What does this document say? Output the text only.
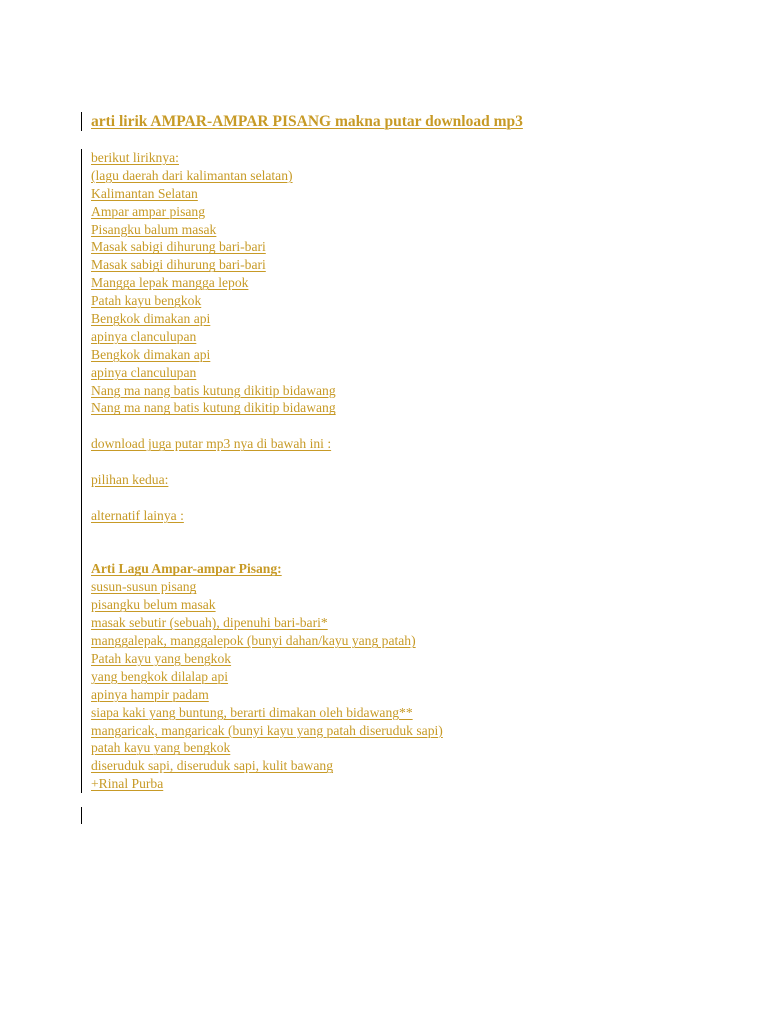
arti lirik AMPAR-AMPAR PISANG makna putar download mp3
berikut liriknya:
(lagu daerah dari kalimantan selatan)
Kalimantan Selatan
Ampar ampar pisang
Pisangku balum masak
Masak sabigi dihurung bari-bari
Masak sabigi dihurung bari-bari
Mangga lepak mangga lepok
Patah kayu bengkok
Bengkok dimakan api
apinya clanculupan
Bengkok dimakan api
apinya clanculupan
Nang ma nang batis kutung dikitip bidawang
Nang ma nang batis kutung dikitip bidawang
download juga putar mp3 nya di bawah ini :
pilihan kedua:
alternatif lainya :
Arti Lagu Ampar-ampar Pisang:
susun-susun pisang
pisangku belum masak
masak sebutir (sebuah), dipenuhi bari-bari*
manggalepak, manggalepok (bunyi dahan/kayu yang patah)
Patah kayu yang bengkok
yang bengkok dilalap api
apinya hampir padam
siapa kaki yang buntung, berarti dimakan oleh bidawang**
mangaricak, mangaricak (bunyi kayu yang patah diseruduk sapi)
patah kayu yang bengkok
diseruduk sapi, diseruduk sapi, kulit bawang
+Rinal Purba
